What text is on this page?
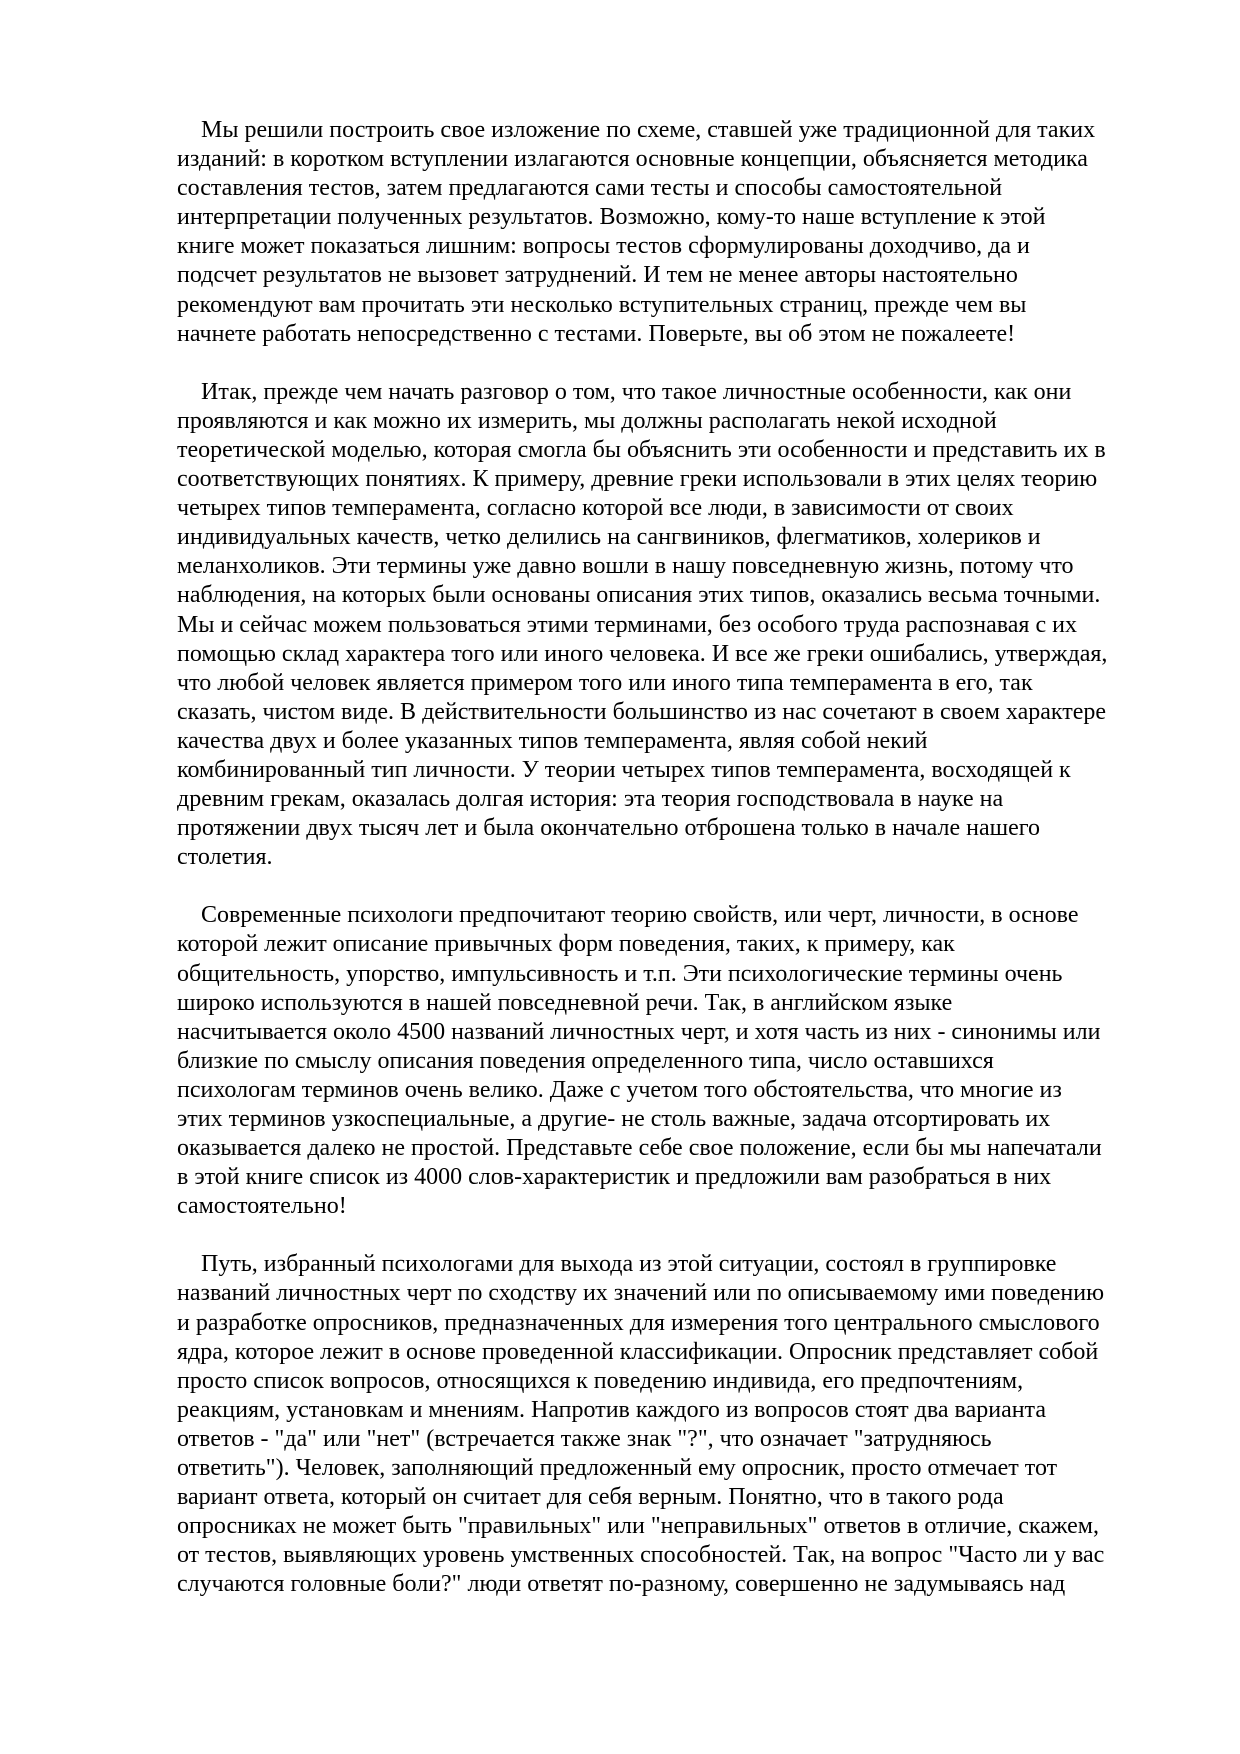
Мы решили построить свое изложение по схеме, ставшей уже традиционной для таких
изданий: в коротком вступлении излагаются основные концепции, объясняется методика
составления тестов, затем предлагаются сами тесты и способы самостоятельной
интерпретации полученных результатов. Возможно, кому-то наше вступление к этой
книге может показаться лишним: вопросы тестов сформулированы доходчиво, да и
подсчет результатов не вызовет затруднений. И тем не менее авторы настоятельно
рекомендуют вам прочитать эти несколько вступительных страниц, прежде чем вы
начнете работать непосредственно с тестами. Поверьте, вы об этом не пожалеете!
Итак, прежде чем начать разговор о том, что такое личностные особенности, как они
проявляются и как можно их измерить, мы должны располагать некой исходной
теоретической моделью, которая смогла бы объяснить эти особенности и представить их в
соответствующих понятиях. К примеру, древние греки использовали в этих целях теорию
четырех типов темперамента, согласно которой все люди, в зависимости от своих
индивидуальных качеств, четко делились на сангвиников, флегматиков, холериков и
меланхоликов. Эти термины уже давно вошли в нашу повседневную жизнь, потому что
наблюдения, на которых были основаны описания этих типов, оказались весьма точными.
Мы и сейчас можем пользоваться этими терминами, без особого труда распознавая с их
помощью склад характера того или иного человека. И все же греки ошибались, утверждая,
что любой человек является примером того или иного типа темперамента в его, так
сказать, чистом виде. В действительности большинство из нас сочетают в своем характере
качества двух и более указанных типов темперамента, являя собой некий
комбинированный тип личности. У теории четырех типов темперамента, восходящей к
древним грекам, оказалась долгая история: эта теория господствовала в науке на
протяжении двух тысяч лет и была окончательно отброшена только в начале нашего
столетия.
Современные психологи предпочитают теорию свойств, или черт, личности, в основе
которой лежит описание привычных форм поведения, таких, к примеру, как
общительность, упорство, импульсивность и т.п. Эти психологические термины очень
широко используются в нашей повседневной речи. Так, в английском языке
насчитывается около 4500 названий личностных черт, и хотя часть из них - синонимы или
близкие по смыслу описания поведения определенного типа, число оставшихся
психологам терминов очень велико. Даже с учетом того обстоятельства, что многие из
этих терминов узкоспециальные, а другие- не столь важные, задача отсортировать их
оказывается далеко не простой. Представьте себе свое положение, если бы мы напечатали
в этой книге список из 4000 слов-характеристик и предложили вам разобраться в них
самостоятельно!
Путь, избранный психологами для выхода из этой ситуации, состоял в группировке
названий личностных черт по сходству их значений или по описываемому ими поведению
и разработке опросников, предназначенных для измерения того центрального смыслового
ядра, которое лежит в основе проведенной классификации. Опросник представляет собой
просто список вопросов, относящихся к поведению индивида, его предпочтениям,
реакциям, установкам и мнениям. Напротив каждого из вопросов стоят два варианта
ответов - "да" или "нет" (встречается также знак "?", что означает "затрудняюсь
ответить"). Человек, заполняющий предложенный ему опросник, просто отмечает тот
вариант ответа, который он считает для себя верным. Понятно, что в такого рода
опросниках не может быть "правильных" или "неправильных" ответов в отличие, скажем,
от тестов, выявляющих уровень умственных способностей. Так, на вопрос "Часто ли у вас
случаются головные боли?" люди ответят по-разному, совершенно не задумываясь над
